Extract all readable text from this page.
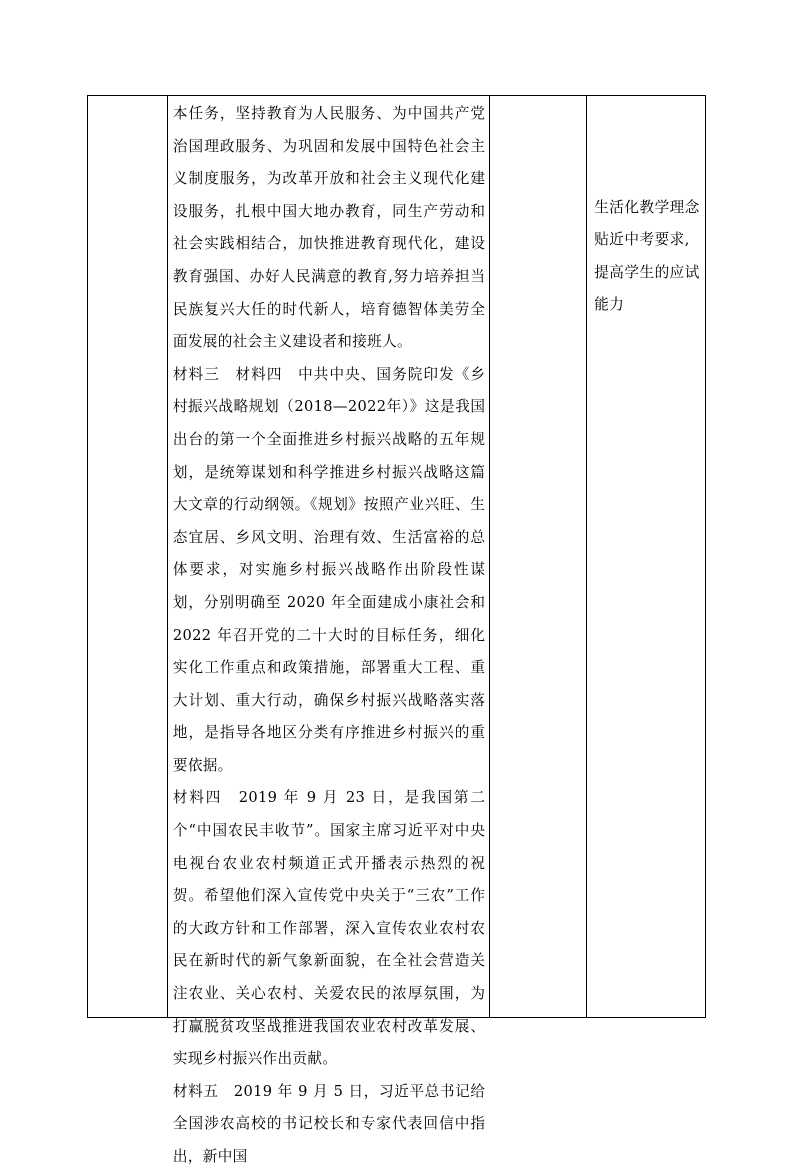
本任务，坚持教育为人民服务、为中国共产党治国理政服务、为巩固和发展中国特色社会主义制度服务，为改革开放和社会主义现代化建设服务，扎根中国大地办教育，同生产劳动和社会实践相结合，加快推进教育现代化，建设教育强国、办好人民满意的教育,努力培养担当民族复兴大任的时代新人，培育德智体美劳全面发展的社会主义建设者和接班人。

材料三　材料四　中共中央、国务院印发《乡村振兴战略规划（2018—2022年）》这是我国出台的第一个全面推进乡村振兴战略的五年规划，是统筹谋划和科学推进乡村振兴战略这篇大文章的行动纲领。《规划》按照产业兴旺、生态宜居、乡风文明、治理有效、生活富裕的总体要求，对实施乡村振兴战略作出阶段性谋划，分别明确至 2020 年全面建成小康社会和 2022 年召开党的二十大时的目标任务，细化实化工作重点和政策措施，部署重大工程、重大计划、重大行动，确保乡村振兴战略落实落地，是指导各地区分类有序推进乡村振兴的重要依据。

材料四　2019 年 9 月 23 日，是我国第二个“中国农民丰收节”。国家主席习近平对中央电视台农业农村频道正式开播表示热烈的祝贺。希望他们深入宣传党中央关于“三农”工作的大政方针和工作部署，深入宣传农业农村农民在新时代的新气象新面貌，在全社会营造关注农业、关心农村、关爱农民的浓厚氛围，为打赢脱贫攻坚战推进我国农业农村改革发展、实现乡村振兴作出贡献。

材料五　2019 年 9 月 5 日，习近平总书记给全国涉农高校的书记校长和专家代表回信中指出，新中国

生活化教学理念贴近中考要求,提高学生的应试能力
